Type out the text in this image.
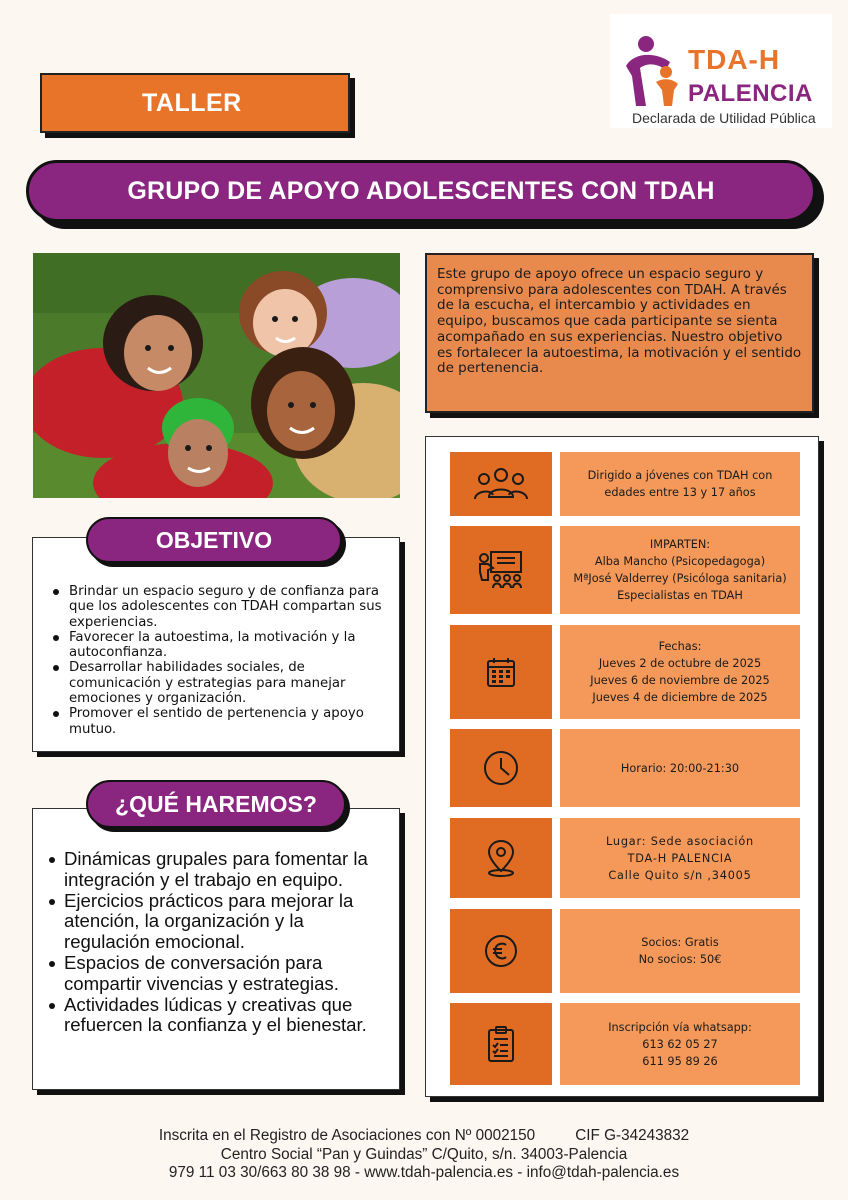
TALLER
TDA-H
PALENCIA
Declarada de Utilidad Pública
GRUPO DE APOYO ADOLESCENTES CON TDAH

Este grupo de apoyo ofrece un espacio seguro y comprensivo para adolescentes con TDAH. A través de la escucha, el intercambio y actividades en equipo, buscamos que cada participante se sienta acompañado en sus experiencias. Nuestro objetivo es fortalecer la autoestima, la motivación y el sentido de pertenencia.

Brindar un espacio seguro y de confianza para que los adolescentes con TDAH compartan sus experiencias.
Favorecer la autoestima, la motivación y la autoconfianza.
Desarrollar habilidades sociales, de comunicación y estrategias para manejar emociones y organización.
Promover el sentido de pertenencia y apoyo mutuo.
OBJETIVO
Dinámicas grupales para fomentar la integración y el trabajo en equipo.
Ejercicios prácticos para mejorar la atención, la organización y la regulación emocional.
Espacios de conversación para compartir vivencias y estrategias.
Actividades lúdicas y creativas que refuercen la confianza y el bienestar.
¿QUÉ HAREMOS?
Dirigido a jóvenes con TDAH con
edades entre 13 y 17 años
IMPARTEN:
Alba Mancho (Psicopedagoga)
MªJosé Valderrey (Psicóloga sanitaria)
Especialistas en TDAH
Fechas:
Jueves 2 de octubre de 2025
Jueves 6 de noviembre de 2025
Jueves 4 de diciembre de 2025
Horario: 20:00-21:30
Lugar: Sede asociación
TDA-H PALENCIA
Calle Quito s/n ,34005
Socios: Gratis
No socios: 50€
Inscripción vía whatsapp:
613 62 05 27
611 95 89 26
Inscrita en el Registro de Asociaciones con Nº 0002150	CIF G-34243832
Centro Social “Pan y Guindas” C/Quito, s/n. 34003-Palencia
979 11 03 30/663 80 38 98 - www.tdah-palencia.es - info@tdah-palencia.es
